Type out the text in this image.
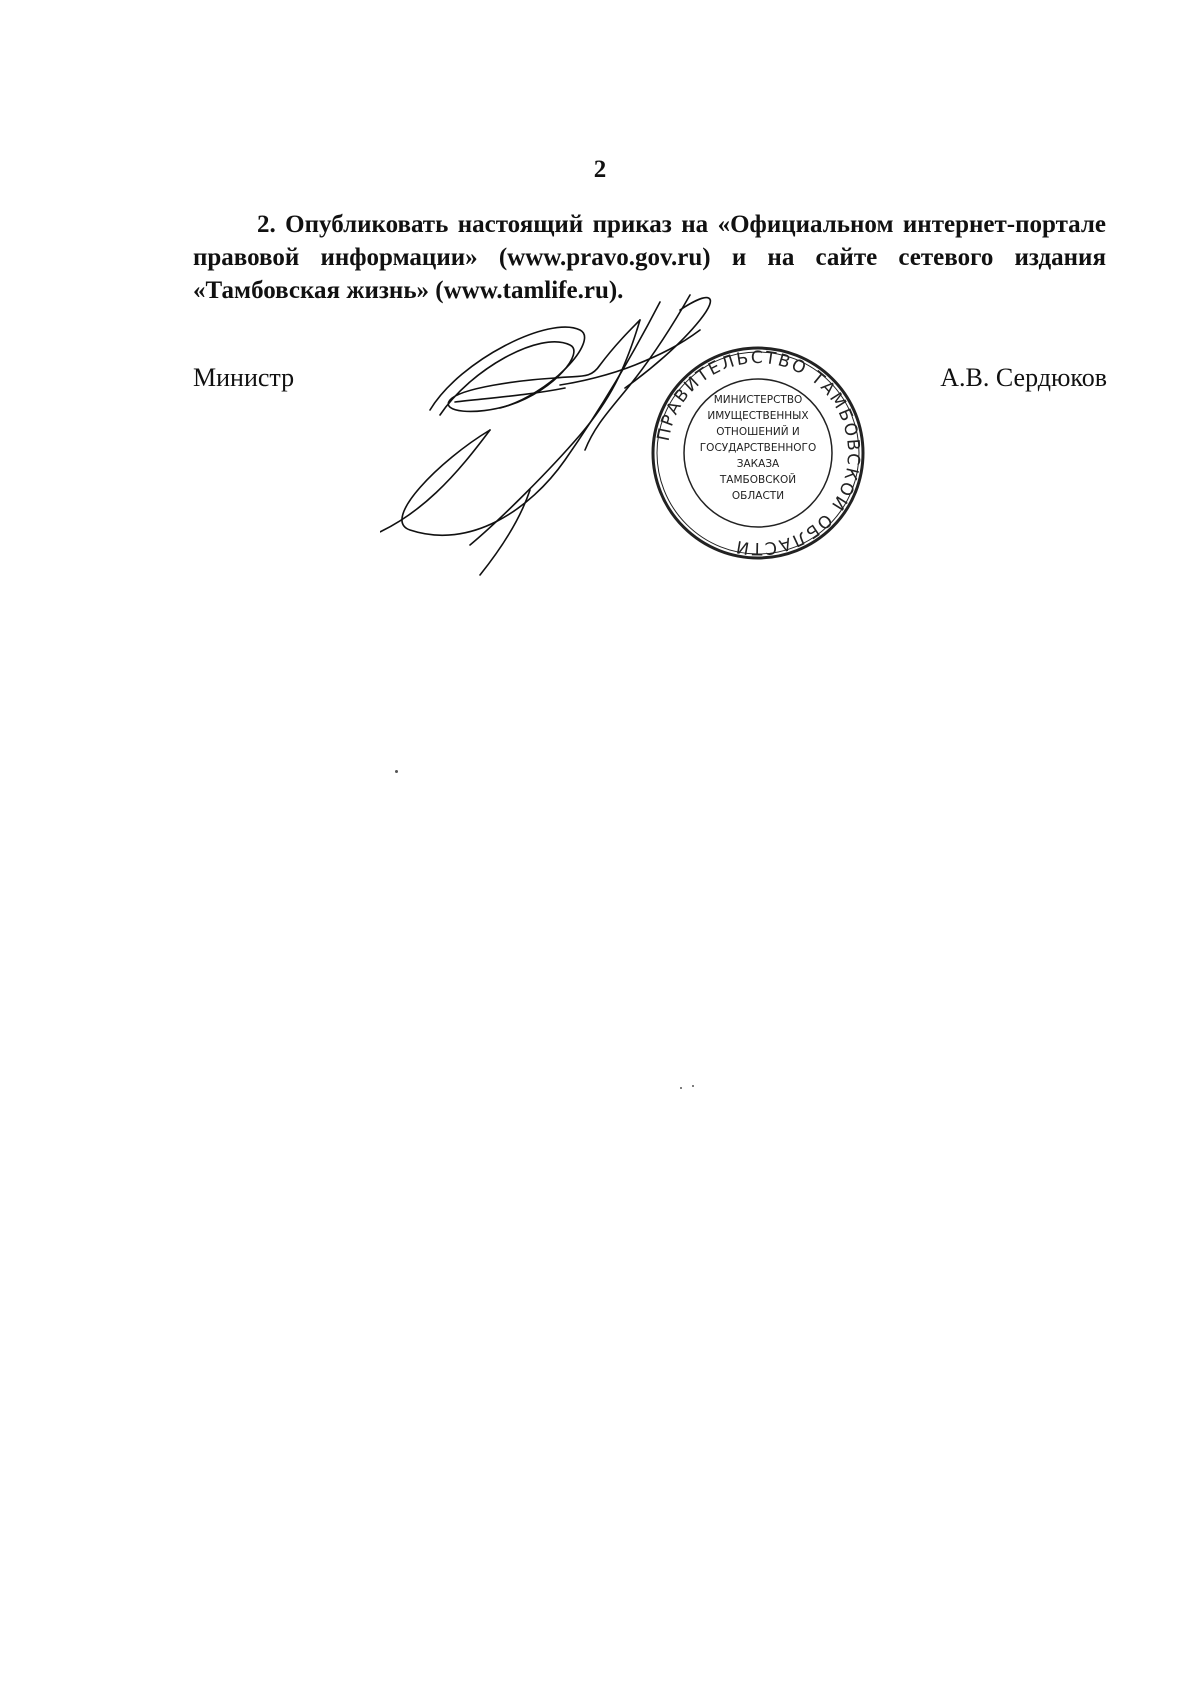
2

2. Опубликовать настоящий приказ на «Официальном интернет-портале правовой информации» (www.pravo.gov.ru) и на сайте сетевого издания «Тамбовская жизнь» (www.tamlife.ru).

Министр	А.В. Сердюков
ПРАВИТЕЛЬСТВО ТАМБОВСКОЙ ОБЛАСТИ
МИНИСТЕРСТВО
ИМУЩЕСТВЕННЫХ
ОТНОШЕНИЙ И
ГОСУДАРСТВЕННОГО
ЗАКАЗА
ТАМБОВСКОЙ
ОБЛАСТИ
